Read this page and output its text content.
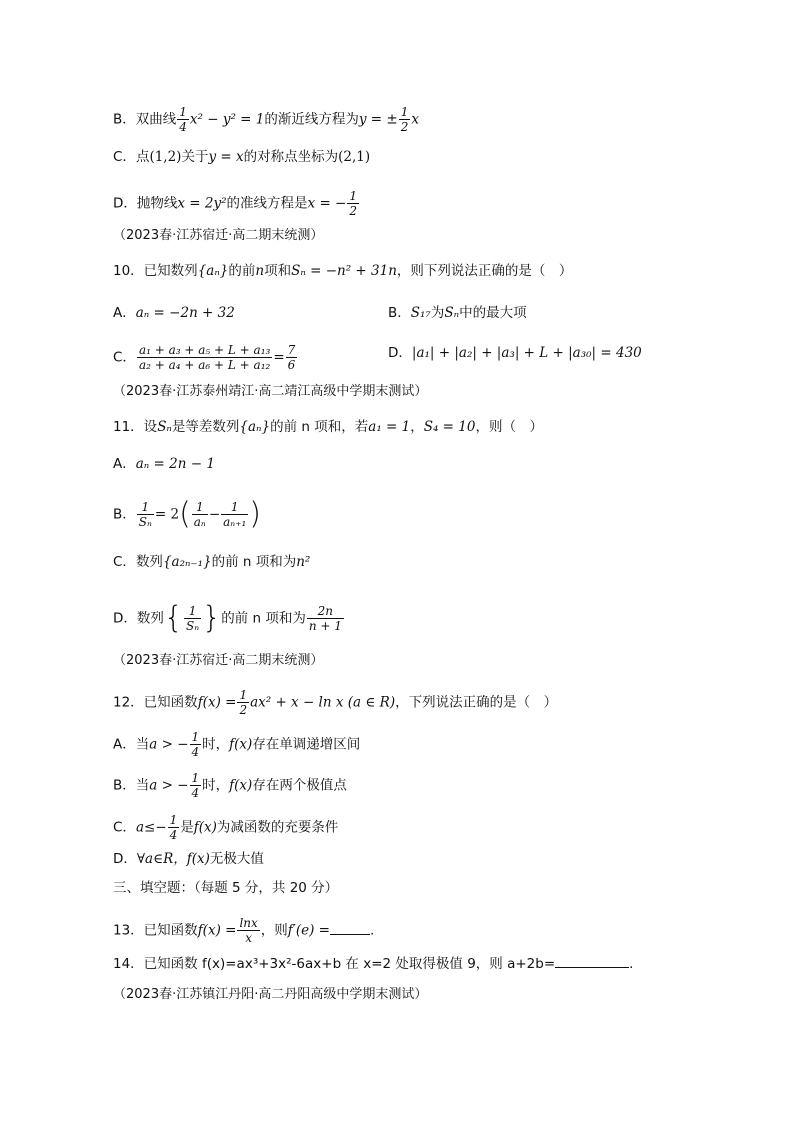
B．双曲线 $\frac{1}{4} x^2 - y^2 = 1$的渐近线方程为y = ± $\frac{1}{2}$ x
C．点(1,2)关于y = x的对称点坐标为(2,1)
D．抛物线x = 2y²的准线方程是x = − $\frac{1}{2}$
（2023春·江苏宿迁·高二期末统测）
10．已知数列{aₙ}的前n项和Sₙ = −n² + 31n，则下列说法正确的是（　）
A．aₙ = −2n + 32	B．S₁₇为Sₙ中的最大项
C． $\frac{\text{a₁ + a₃ + a₅ + L + a₁₃}}{\text{a₂ + a₄ + a₆ + L + a₁₂}} = \frac{7}{6}$	D．|a₁| + |a₂| + |a₃| + L + |a₃₀| = 430
（2023春·江苏泰州靖江·高二靖江高级中学期末测试）
11．设Sₙ是等差数列{aₙ}的前 n 项和，若a₁ = 1，S₄ = 10，则（　）
A．aₙ = 2n − 1
B． $\frac{1}{\text{Sₙ}} = 2( \frac{1}{\text{aₙ}} - \frac{1}{\text{aₙ₊₁}}$ )
C．数列{a₂ₙ₋₁}的前 n 项和为n²
D．数列{ $\frac{1}{\text{Sₙ}}$ }的前 n 项和为 $\frac{2n}{n + 1}$
（2023春·江苏宿迁·高二期末统测）
12．已知函数$f(x) = \frac{1}{2} ax^2 + x - \ln x$ (a ∈ R)，下列说法正确的是（　）
A．当a > − $\frac{1}{4}$ 时，f(x)存在单调递增区间
B．当a > − $\frac{1}{4}$ 时，f(x)存在两个极值点
C．$a\le- \frac{1}{4}$ 是f(x)为减函数的充要条件
D．∀a∈R，f(x)无极大值
三、填空题：（每题 5 分，共 20 分）
13．已知函数$f(x) = \frac{\ln x}{x}$ ，则f′(e) =	.
14．已知函数 f(x)=ax³+3x²-6ax+b 在 x=2 处取得极值 9，则 a+2b=	.
（2023春·江苏镇江丹阳·高二丹阳高级中学期末测试）
